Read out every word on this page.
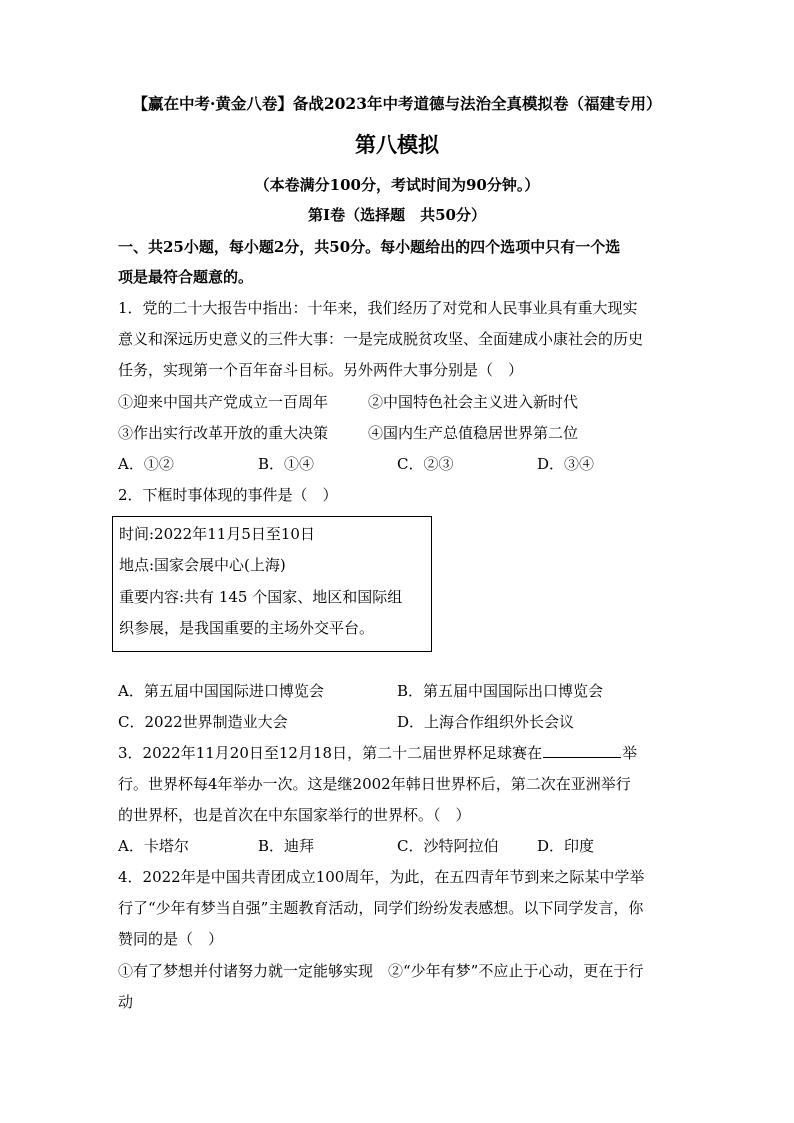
【赢在中考·黄金八卷】备战2023年中考道德与法治全真模拟卷（福建专用）
第八模拟
（本卷满分100分，考试时间为90分钟。）
第I卷（选择题　共50分）
一、共25小题，每小题2分，共50分。每小题给出的四个选项中只有一个选
项是最符合题意的。
1．党的二十大报告中指出：十年来，我们经历了对党和人民事业具有重大现实
意义和深远历史意义的三件大事：一是完成脱贫攻坚、全面建成小康社会的历史
任务，实现第一个百年奋斗目标。另外两件大事分别是（　）
①迎来中国共产党成立一百周年	②中国特色社会主义进入新时代
③作出实行改革开放的重大决策	④国内生产总值稳居世界第二位
A．①②	B．①④	C．②③	D．③④
2．下框时事体现的事件是（　）
时间:2022年11月5日至10日
地点:国家会展中心(上海)
重要内容:共有 145 个国家、地区和国际组
织参展，是我国重要的主场外交平台。
A．第五届中国国际进口博览会	B．第五届中国国际出口博览会
C．2022世界制造业大会	D．上海合作组织外长会议
3．2022年11月20日至12月18日，第二十二届世界杯足球赛在	举
行。世界杯每4年举办一次。这是继2002年韩日世界杯后，第二次在亚洲举行
的世界杯，也是首次在中东国家举行的世界杯。（　）
A．卡塔尔	B．迪拜	C．沙特阿拉伯	D．印度
4．2022年是中国共青团成立100周年，为此，在五四青年节到来之际某中学举
行了“少年有梦当自强”主题教育活动，同学们纷纷发表感想。以下同学发言，你
赞同的是（　）
①有了梦想并付诸努力就一定能够实现　②“少年有梦”不应止于心动，更在于行
动
